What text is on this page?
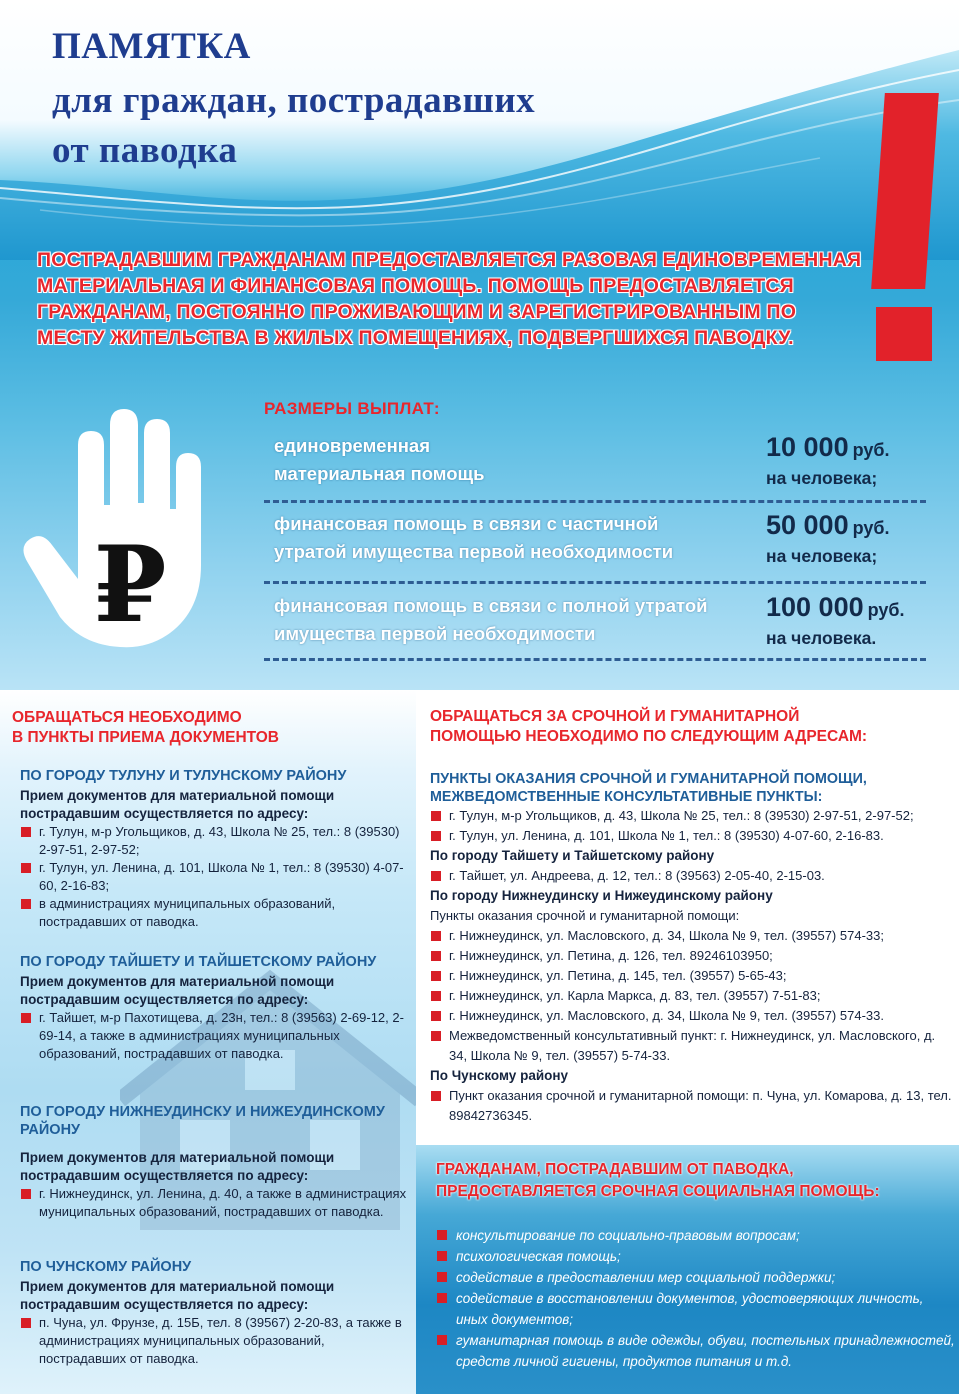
ПАМЯТКА
для граждан, пострадавших
от паводка
ПОСТРАДАВШИМ ГРАЖДАНАМ ПРЕДОСТАВЛЯЕТСЯ РАЗОВАЯ ЕДИНОВРЕМЕННАЯ МАТЕРИАЛЬНАЯ И ФИНАНСОВАЯ ПОМОЩЬ. ПОМОЩЬ ПРЕДОСТАВЛЯЕТСЯ ГРАЖДАНАМ, ПОСТОЯННО ПРОЖИВАЮЩИМ И ЗАРЕГИСТРИРОВАННЫМ ПО МЕСТУ ЖИТЕЛЬСТВА В ЖИЛЫХ ПОМЕЩЕНИЯХ, ПОДВЕРГШИХСЯ ПАВОДКУ.
₽
РАЗМЕРЫ ВЫПЛАТ:
единовременная
материальная помощь
10 000 руб.
на человека;
финансовая помощь в связи с частичной
утратой имущества первой необходимости
50 000 руб.
на человека;
финансовая помощь в связи с полной утратой
имущества первой необходимости
100 000 руб.
на человека.
ОБРАЩАТЬСЯ НЕОБХОДИМО
В ПУНКТЫ ПРИЕМА ДОКУМЕНТОВ
ПО ГОРОДУ ТУЛУНУ И ТУЛУНСКОМУ РАЙОНУ
Прием документов для материальной помощи пострадавшим осуществляется по адресу:
г. Тулун, м-р Угольщиков, д. 43, Школа № 25, тел.: 8 (39530) 2-97-51, 2-97-52;
г. Тулун, ул. Ленина, д. 101, Школа № 1, тел.: 8 (39530) 4-07-60, 2-16-83;
в администрациях муниципальных образований, пострадавших от паводка.
ПО ГОРОДУ ТАЙШЕТУ И ТАЙШЕТСКОМУ РАЙОНУ
Прием документов для материальной помощи пострадавшим осуществляется по адресу:
г. Тайшет, м-р Пахотищева, д. 23н, тел.: 8 (39563) 2-69-12, 2-69-14, а также в администрациях муниципальных образований, пострадавших от паводка.
ПО ГОРОДУ НИЖНЕУДИНСКУ И НИЖЕУДИНСКОМУ РАЙОНУ
Прием документов для материальной помощи пострадавшим осуществляется по адресу:
г. Нижнеудинск, ул. Ленина, д. 40, а также в администрациях муниципальных образований, пострадавших от паводка.
ПО ЧУНСКОМУ РАЙОНУ
Прием документов для материальной помощи пострадавшим осуществляется по адресу:
п. Чуна, ул. Фрунзе, д. 15Б, тел. 8 (39567) 2-20-83, а также в администрациях муниципальных образований, пострадавших от паводка.
ОБРАЩАТЬСЯ ЗА СРОЧНОЙ И ГУМАНИТАРНОЙ
ПОМОЩЬЮ НЕОБХОДИМО ПО СЛЕДУЮЩИМ АДРЕСАМ:
ПУНКТЫ ОКАЗАНИЯ СРОЧНОЙ И ГУМАНИТАРНОЙ ПОМОЩИ, МЕЖВЕДОМСТВЕННЫЕ КОНСУЛЬТАТИВНЫЕ ПУНКТЫ:
г. Тулун, м-р Угольщиков, д. 43, Школа № 25, тел.: 8 (39530) 2-97-51, 2-97-52;
г. Тулун, ул. Ленина, д. 101, Школа № 1, тел.: 8 (39530) 4-07-60, 2-16-83.
По городу Тайшету и Тайшетскому району
г. Тайшет, ул. Андреева, д. 12, тел.: 8 (39563) 2-05-40, 2-15-03.
По городу Нижнеудинску и Нижеудинскому району
Пункты оказания срочной и гуманитарной помощи:
г. Нижнеудинск, ул. Масловского, д. 34, Школа № 9, тел. (39557) 574-33;
г. Нижнеудинск, ул. Петина, д. 126, тел. 89246103950;
г. Нижнеудинск, ул. Петина, д. 145, тел. (39557) 5-65-43;
г. Нижнеудинск, ул. Карла Маркса, д. 83, тел. (39557) 7-51-83;
г. Нижнеудинск, ул. Масловского, д. 34, Школа № 9, тел. (39557) 574-33.
Межведомственный консультативный пункт: г. Нижнеудинск, ул. Масловского, д. 34, Школа № 9, тел. (39557) 5-74-33.
По Чунскому району
Пункт оказания срочной и гуманитарной помощи: п. Чуна, ул. Комарова, д. 13, тел. 89842736345.
ГРАЖДАНАМ, ПОСТРАДАВШИМ ОТ ПАВОДКА,
ПРЕДОСТАВЛЯЕТСЯ СРОЧНАЯ СОЦИАЛЬНАЯ ПОМОЩЬ:
консультирование по социально-правовым вопросам;
психологическая помощь;
содействие в предоставлении мер социальной поддержки;
содействие в восстановлении документов, удостоверяющих личность, иных документов;
гуманитарная помощь в виде одежды, обуви, постельных принадлежностей, средств личной гигиены, продуктов питания и т.д.
